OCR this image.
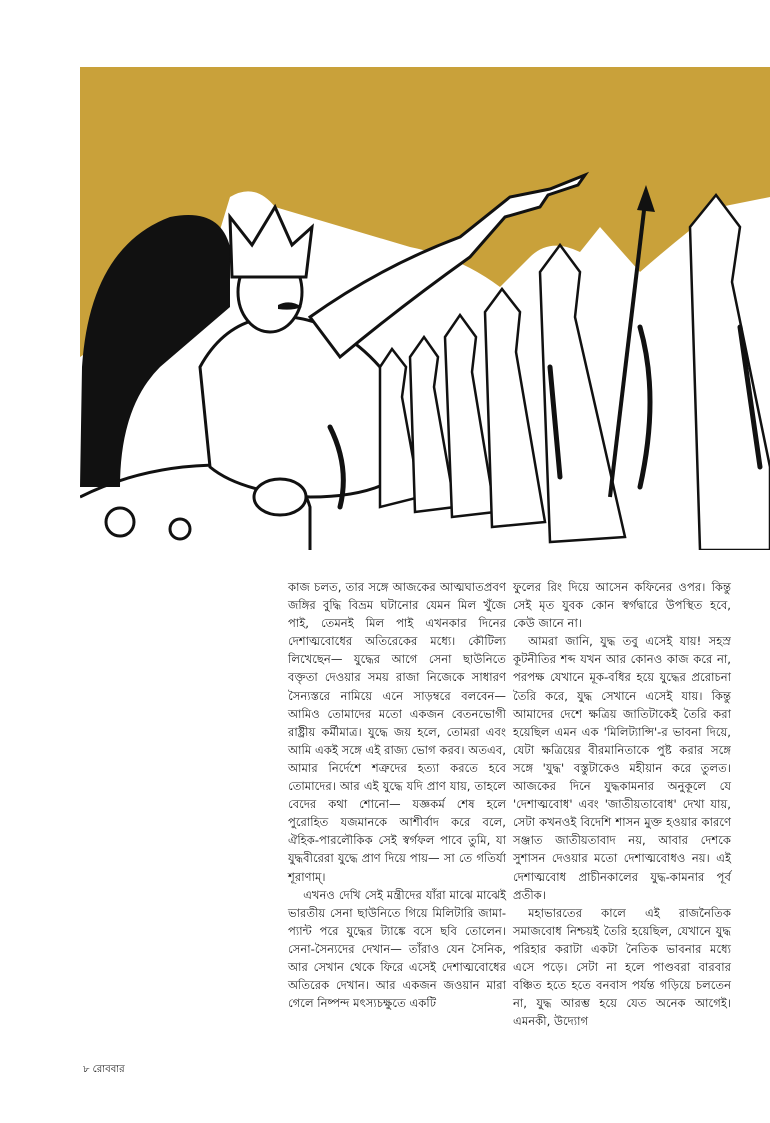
কাজ চলত, তার সঙ্গে আজকের আত্মঘাতপ্রবণ জঙ্গির বুদ্ধি বিভ্রম ঘটানোর যেমন মিল খুঁজে পাই, তেমনই মিল পাই এখনকার দিনের দেশাত্মবোধের অতিরেকের মধ্যে। কৌটিল্য লিখেছেন— যুদ্ধের আগে সেনা ছাউনিতে বক্তৃতা দেওয়ার সময় রাজা নিজেকে সাধারণ সৈন্যস্তরে নামিয়ে এনে সাড়ম্বরে বলবেন— আমিও তোমাদের মতো একজন বেতনভোগী রাষ্ট্রীয় কর্মীমাত্র। যুদ্ধে জয় হলে, তোমরা এবং আমি একই সঙ্গে এই রাজ্য ভোগ করব। অতএব, আমার নির্দেশে শত্রুদের হত্যা করতে হবে তোমাদের। আর এই যুদ্ধে যদি প্রাণ যায়, তাহলে বেদের কথা শোনো— যজ্ঞকর্ম শেষ হলে পুরোহিত যজমানকে আশীর্বাদ করে বলে, ঐহিক-পারলৌকিক সেই স্বর্গফল পাবে তুমি, যা যুদ্ধবীরেরা যুদ্ধে প্রাণ দিয়ে পায়— সা তে গতির্যা শূরাণাম্।

এখনও দেখি সেই মন্ত্রীদের যাঁরা মাঝে মাঝেই ভারতীয় সেনা ছাউনিতে গিয়ে মিলিটারি জামা-প্যান্ট পরে যুদ্ধের ট্যাঙ্কে বসে ছবি তোলেন। সেনা-সৈন্যদের দেখান— তাঁরাও যেন সৈনিক, আর সেখান থেকে ফিরে এসেই দেশাত্মবোধের অতিরেক দেখান। আর একজন জওয়ান মারা গেলে নিষ্পন্দ মৎস্যচক্ষুতে একটি

ফুলের রিং দিয়ে আসেন কফিনের ওপর। কিন্তু সেই মৃত যুবক কোন স্বর্গদ্বারে উপস্থিত হবে, কেউ জানে না।

আমরা জানি, যুদ্ধ তবু এসেই যায়! সহস্র কূটনীতির শব্দ যখন আর কোনও কাজ করে না, পরপক্ষ যেখানে মূক-বধির হয়ে যুদ্ধের প্ররোচনা তৈরি করে, যুদ্ধ সেখানে এসেই যায়। কিন্তু আমাদের দেশে ক্ষত্রিয় জাতিটাকেই তৈরি করা হয়েছিল এমন এক 'মিলিট্যান্সি'-র ভাবনা দিয়ে, যেটা ক্ষত্রিয়ের বীরমানিতাকে পুষ্ট করার সঙ্গে সঙ্গে 'যুদ্ধ' বস্তুটাকেও মহীয়ান করে তুলত। আজকের দিনে যুদ্ধকামনার অনুকূলে যে 'দেশাত্মবোধ' এবং 'জাতীয়তাবোধ' দেখা যায়, সেটা কখনওই বিদেশি শাসন মুক্ত হওয়ার কারণে সঞ্জাত জাতীয়তাবাদ নয়, আবার দেশকে সুশাসন দেওয়ার মতো দেশাত্মবোধও নয়। এই দেশাত্মবোধ প্রাচীনকালের যুদ্ধ-কামনার পূর্ব প্রতীক।

মহাভারতের কালে এই রাজনৈতিক সমাজবোধ নিশ্চয়ই তৈরি হয়েছিল, যেখানে যুদ্ধ পরিহার করাটা একটা নৈতিক ভাবনার মধ্যে এসে পড়ে। সেটা না হলে পাণ্ডবরা বারবার বঞ্চিত হতে হতে বনবাস পর্যন্ত গড়িয়ে চলতেন না, যুদ্ধ আরম্ভ হয়ে যেত অনেক আগেই। এমনকী, উদ্যোগ

৮ রোববার
